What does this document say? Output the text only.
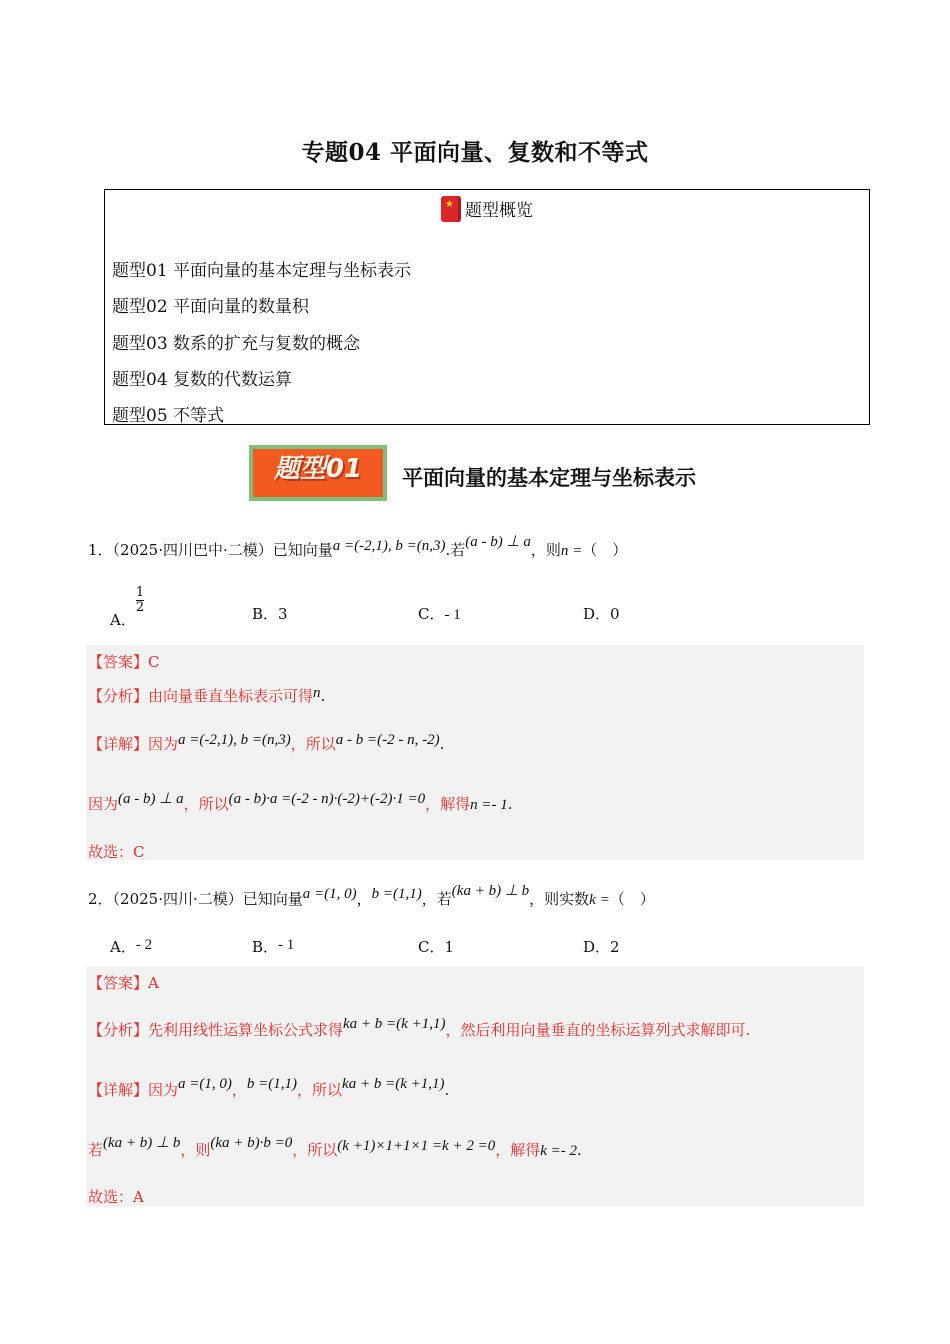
专题04 平面向量、复数和不等式
★题型概览
题型01 平面向量的基本定理与坐标表示
题型02 平面向量的数量积
题型03 数系的扩充与复数的概念
题型04 复数的代数运算
题型05 不等式
题型01	平面向量的基本定理与坐标表示
1．（2025·四川巴中·二模）已知向量a =(-2,1), b =(n,3).若(a - b) ⊥ a，则n =（　）
A．
$\frac{1}{2}$	B．3	C．- 1	D．0
【答案】C
【分析】由向量垂直坐标表示可得n.
【详解】因为a =(-2,1), b =(n,3)，所以a - b =(-2 - n, -2).
因为(a - b) ⊥ a，所以(a - b)·a =(-2 - n)·(-2)+(-2)·1 =0，解得n =- 1.
故选：C
2．（2025·四川·二模）已知向量a =(1, 0)，b =(1,1)，若(ka + b) ⊥ b，则实数k =（　）
A．- 2	B．- 1	C．1	D．2
【答案】A
【分析】先利用线性运算坐标公式求得ka + b =(k +1,1)，然后利用向量垂直的坐标运算列式求解即可.
【详解】因为a =(1, 0)，b =(1,1)，所以ka + b =(k +1,1).
若(ka + b) ⊥ b，则(ka + b)·b =0，所以(k +1)×1+1×1 =k + 2 =0，解得k =- 2.
故选：A
